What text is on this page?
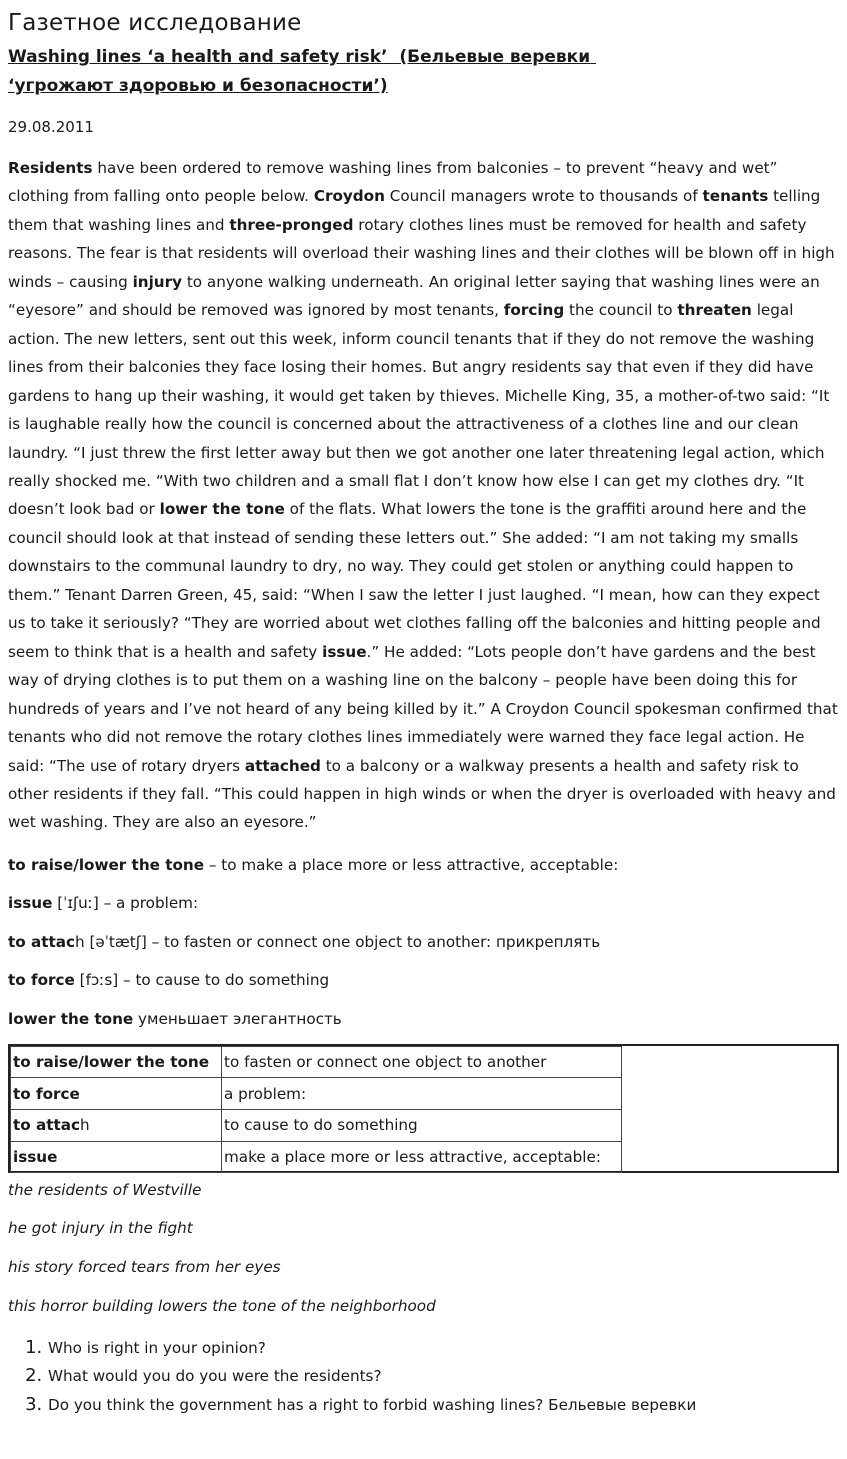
Газетное исследование
Washing lines ‘a health and safety risk’ (Бельевые веревки
‘угрожают здоровью и безопасности’)

29.08.2011

Residents have been ordered to remove washing lines from balconies – to prevent “heavy and wet” clothing from falling onto people below. Croydon Council managers wrote to thousands of tenants telling them that washing lines and three-pronged rotary clothes lines must be removed for health and safety reasons. The fear is that residents will overload their washing lines and their clothes will be blown off in high winds – causing injury to anyone walking underneath. An original letter saying that washing lines were an “eyesore” and should be removed was ignored by most tenants, forcing the council to threaten legal action. The new letters, sent out this week, inform council tenants that if they do not remove the washing lines from their balconies they face losing their homes. But angry residents say that even if they did have gardens to hang up their washing, it would get taken by thieves. Michelle King, 35, a mother-of-two said: “It is laughable really how the council is concerned about the attractiveness of a clothes line and our clean laundry. “I just threw the first letter away but then we got another one later threatening legal action, which really shocked me. “With two children and a small flat I don’t know how else I can get my clothes dry. “It doesn’t look bad or lower the tone of the flats. What lowers the tone is the graffiti around here and the council should look at that instead of sending these letters out.” She added: “I am not taking my smalls downstairs to the communal laundry to dry, no way. They could get stolen or anything could happen to them.” Tenant Darren Green, 45, said: “When I saw the letter I just laughed. “I mean, how can they expect us to take it seriously? “They are worried about wet clothes falling off the balconies and hitting people and seem to think that is a health and safety issue.” He added: “Lots people don’t have gardens and the best way of drying clothes is to put them on a washing line on the balcony – people have been doing this for hundreds of years and I’ve not heard of any being killed by it.” A Croydon Council spokesman confirmed that tenants who did not remove the rotary clothes lines immediately were warned they face legal action. He said: “The use of rotary dryers attached to a balcony or a walkway presents a health and safety risk to other residents if they fall. “This could happen in high winds or when the dryer is overloaded with heavy and wet washing. They are also an eyesore.”

to raise/lower the tone – to make a place more or less attractive, acceptable:

issue [ˈɪʃuː] – a problem:

to attach [əˈtætʃ] – to fasten or connect one object to another: прикреплять

to force [fɔːs] – to cause to do something

lower the tone уменьшает элегантность

to raise/lower the tone	to fasten or connect one object to another
to force	a problem:
to attach	to cause to do something
issue	make a place more or less attractive, acceptable:

the residents of Westville

he got injury in the fight

his story forced tears from her eyes

this horror building lowers the tone of the neighborhood

1. Who is right in your opinion?
2. What would you do you were the residents?
3. Do you think the government has a right to forbid washing lines? Бельевые веревки
